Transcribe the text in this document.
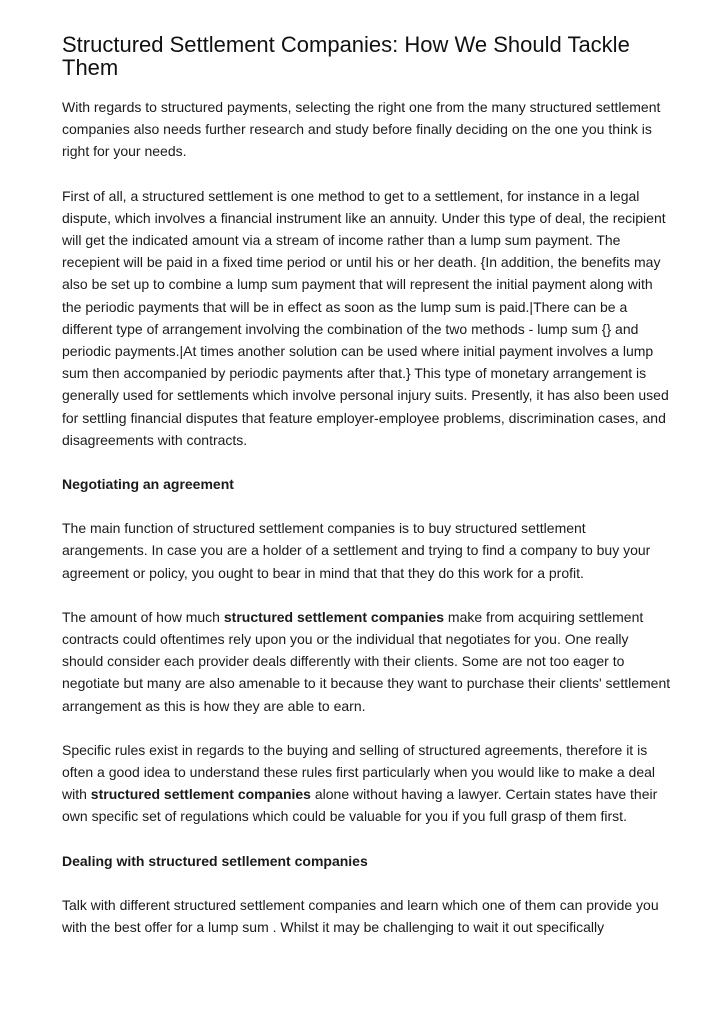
Structured Settlement Companies: How We Should Tackle Them

With regards to structured payments, selecting the right one from the many structured settlement companies also needs further research and study before finally deciding on the one you think is right for your needs.

First of all, a structured settlement is one method to get to a settlement, for instance in a legal dispute, which involves a financial instrument like an annuity. Under this type of deal, the recipient will get the indicated amount via a stream of income rather than a lump sum payment. The recepient will be paid in a fixed time period or until his or her death. {In addition, the benefits may also be set up to combine a lump sum payment that will represent the initial payment along with the periodic payments that will be in effect as soon as the lump sum is paid.|There can be a different type of arrangement involving the combination of the two methods - lump sum {} and periodic payments.|At times another solution can be used where initial payment involves a lump sum then accompanied by periodic payments after that.} This type of monetary arrangement is generally used for settlements which involve personal injury suits. Presently, it has also been used for settling financial disputes that feature employer-employee problems, discrimination cases, and disagreements with contracts.

Negotiating an agreement

The main function of structured settlement companies is to buy structured settlement arangements. In case you are a holder of a settlement and trying to find a company to buy your agreement or policy, you ought to bear in mind that that they do this work for a profit.

The amount of how much structured settlement companies make from acquiring settlement contracts could oftentimes rely upon you or the individual that negotiates for you. One really should consider each provider deals differently with their clients. Some are not too eager to negotiate but many are also amenable to it because they want to purchase their clients' settlement arrangement as this is how they are able to earn.

Specific rules exist in regards to the buying and selling of structured agreements, therefore it is often a good idea to understand these rules first particularly when you would like to make a deal with structured settlement companies alone without having a lawyer. Certain states have their own specific set of regulations which could be valuable for you if you full grasp of them first.

Dealing with structured setllement companies

Talk with different structured settlement companies and learn which one of them can provide you with the best offer for a lump sum . Whilst it may be challenging to wait it out specifically
